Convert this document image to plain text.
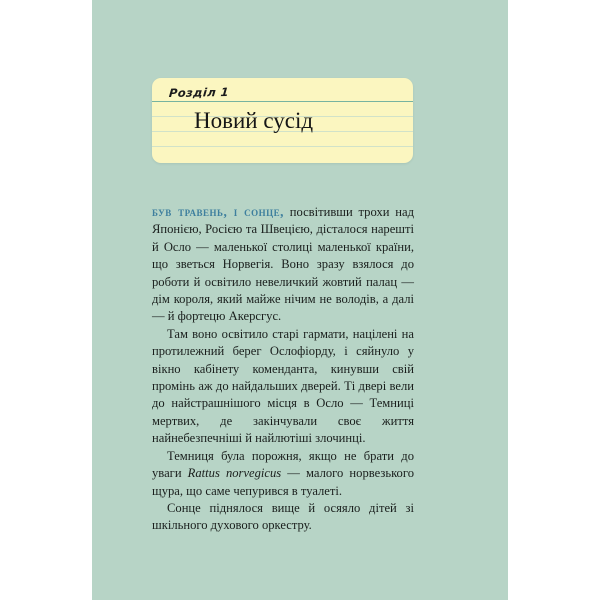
Розділ 1
Новий сусід

був травень, і сонце, посвітивши трохи над Японією, Росією та Швецією, дісталося нарешті й Осло — маленької столиці маленької країни, що зветься Норвегія. Воно зразу взялося до роботи й освітило невеличкий жовтий палац — дім короля, який майже нічим не володів, а далі — й фортецю Акерсгус.

Там воно освітило старі гармати, націлені на протилежний берег Ослофіорду, і сяйнуло у вікно кабінету коменданта, кинувши свій промінь аж до найдальших дверей. Ті двері вели до найстрашнішого місця в Осло — Темниці мертвих, де закінчували своє життя найнебезпечніші й найлютіші злочинці.

Темниця була порожня, якщо не брати до уваги Rattus norvegicus — малого норвезького щура, що саме чепурився в туалеті.

Сонце піднялося вище й осяяло дітей зі шкільного духового оркестру.
